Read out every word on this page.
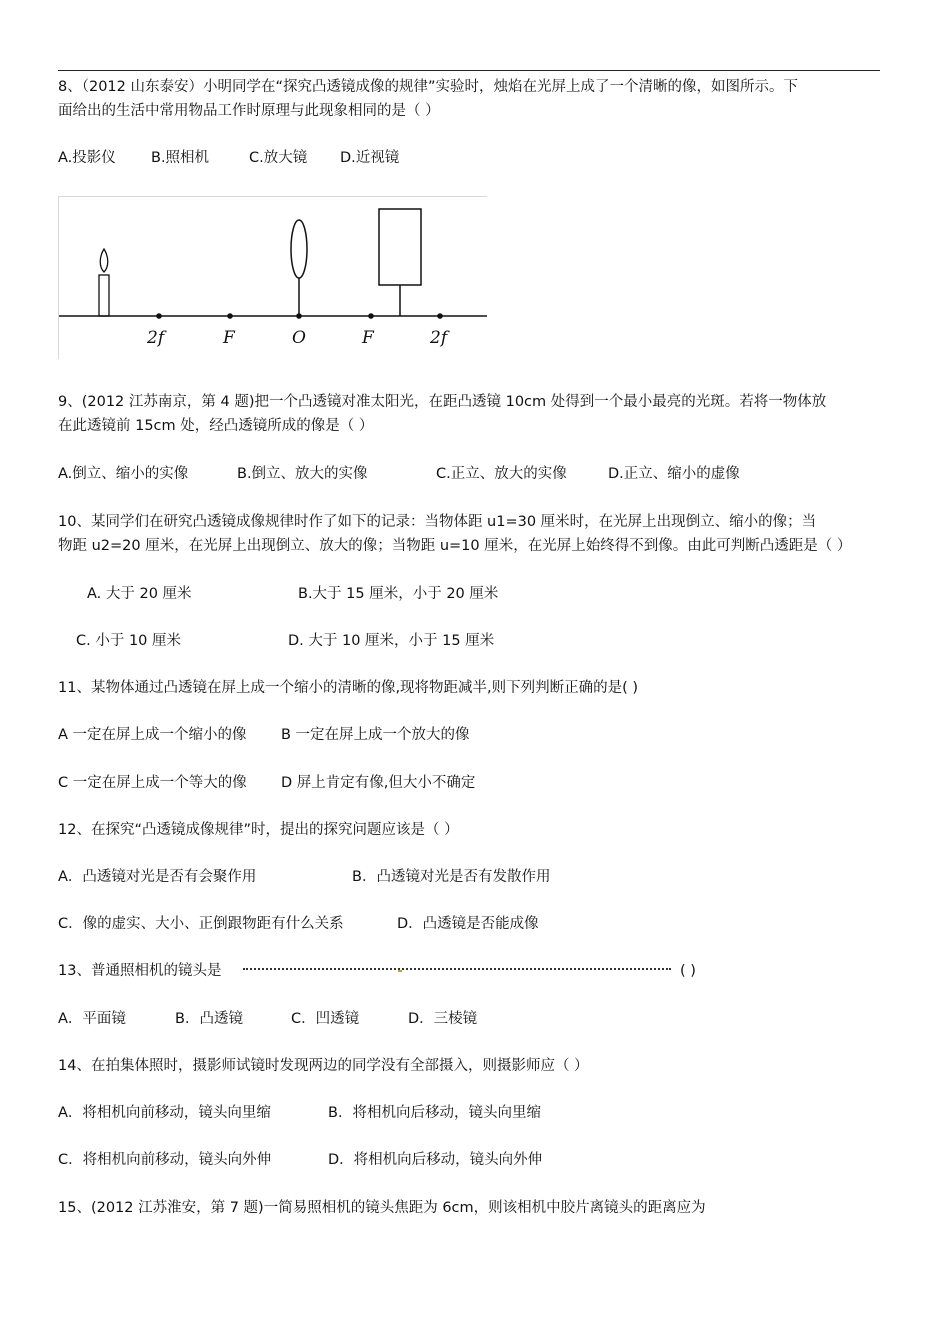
8、（2012 山东泰安）小明同学在“探究凸透镜成像的规律”实验时，烛焰在光屏上成了一个清晰的像，如图所示。下
面给出的生活中常用物品工作时原理与此现象相同的是（ ）
A.投影仪 B.照相机	C.放大镜 D.近视镜
2f	F	O	F	2f
9、(2012 江苏南京，第 4 题)把一个凸透镜对准太阳光，在距凸透镜 10cm 处得到一个最小最亮的光斑。若将一物体放
在此透镜前 15cm 处，经凸透镜所成的像是（ ）
A.倒立、缩小的实像	B.倒立、放大的实像	C.正立、放大的实像	D.正立、缩小的虚像
10、某同学们在研究凸透镜成像规律时作了如下的记录：当物体距 u1=30 厘米时，在光屏上出现倒立、缩小的像；当
物距 u2=20 厘米，在光屏上出现倒立、放大的像；当物距 u=10 厘米，在光屏上始终得不到像。由此可判断凸透距是（ ）
A. 大于 20 厘米	B.大于 15 厘米，小于 20 厘米
C. 小于 10 厘米	D. 大于 10 厘米，小于 15 厘米
11、某物体通过凸透镜在屏上成一个缩小的清晰的像,现将物距减半,则下列判断正确的是( )
A 一定在屏上成一个缩小的像 B 一定在屏上成一个放大的像
C 一定在屏上成一个等大的像 D 屏上肯定有像,但大小不确定
12、在探究“凸透镜成像规律”时，提出的探究问题应该是（ ）
A．凸透镜对光是否有会聚作用	B．凸透镜对光是否有发散作用
C．像的虚实、大小、正倒跟物距有什么关系	D．凸透镜是否能成像
13、普通照相机的镜头是	( )
A．平面镜	B．凸透镜	C．凹透镜	D．三棱镜
14、在拍集体照时，摄影师试镜时发现两边的同学没有全部摄入，则摄影师应（ ）
A．将相机向前移动，镜头向里缩	B．将相机向后移动，镜头向里缩
C．将相机向前移动，镜头向外伸	D．将相机向后移动，镜头向外伸
15、(2012 江苏淮安，第 7 题)一简易照相机的镜头焦距为 6cm，则该相机中胶片离镜头的距离应为
